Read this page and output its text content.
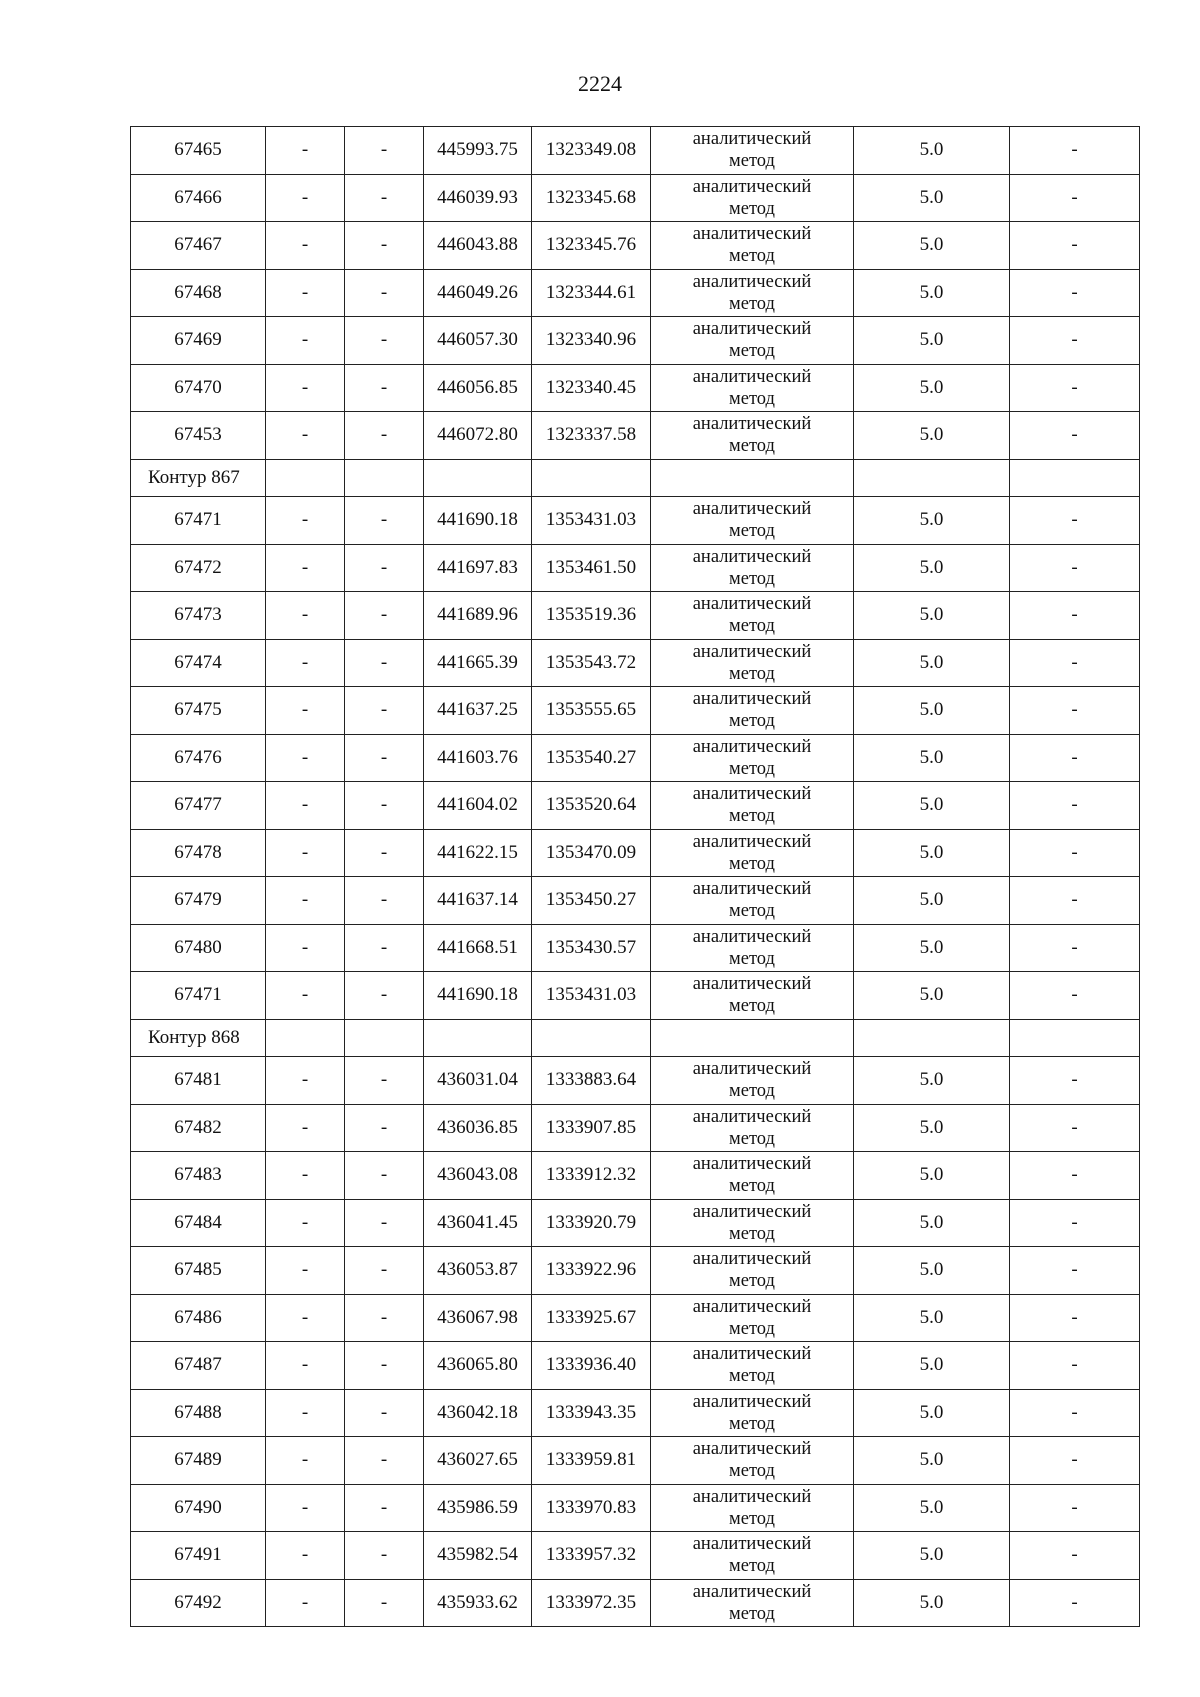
2224
67465	-	-	445993.75	1323349.08	аналитический
метод	5.0	-
67466	-	-	446039.93	1323345.68	аналитический
метод	5.0	-
67467	-	-	446043.88	1323345.76	аналитический
метод	5.0	-
67468	-	-	446049.26	1323344.61	аналитический
метод	5.0	-
67469	-	-	446057.30	1323340.96	аналитический
метод	5.0	-
67470	-	-	446056.85	1323340.45	аналитический
метод	5.0	-
67453	-	-	446072.80	1323337.58	аналитический
метод	5.0	-
Контур 867							
67471	-	-	441690.18	1353431.03	аналитический
метод	5.0	-
67472	-	-	441697.83	1353461.50	аналитический
метод	5.0	-
67473	-	-	441689.96	1353519.36	аналитический
метод	5.0	-
67474	-	-	441665.39	1353543.72	аналитический
метод	5.0	-
67475	-	-	441637.25	1353555.65	аналитический
метод	5.0	-
67476	-	-	441603.76	1353540.27	аналитический
метод	5.0	-
67477	-	-	441604.02	1353520.64	аналитический
метод	5.0	-
67478	-	-	441622.15	1353470.09	аналитический
метод	5.0	-
67479	-	-	441637.14	1353450.27	аналитический
метод	5.0	-
67480	-	-	441668.51	1353430.57	аналитический
метод	5.0	-
67471	-	-	441690.18	1353431.03	аналитический
метод	5.0	-
Контур 868							
67481	-	-	436031.04	1333883.64	аналитический
метод	5.0	-
67482	-	-	436036.85	1333907.85	аналитический
метод	5.0	-
67483	-	-	436043.08	1333912.32	аналитический
метод	5.0	-
67484	-	-	436041.45	1333920.79	аналитический
метод	5.0	-
67485	-	-	436053.87	1333922.96	аналитический
метод	5.0	-
67486	-	-	436067.98	1333925.67	аналитический
метод	5.0	-
67487	-	-	436065.80	1333936.40	аналитический
метод	5.0	-
67488	-	-	436042.18	1333943.35	аналитический
метод	5.0	-
67489	-	-	436027.65	1333959.81	аналитический
метод	5.0	-
67490	-	-	435986.59	1333970.83	аналитический
метод	5.0	-
67491	-	-	435982.54	1333957.32	аналитический
метод	5.0	-
67492	-	-	435933.62	1333972.35	аналитический
метод	5.0	-
